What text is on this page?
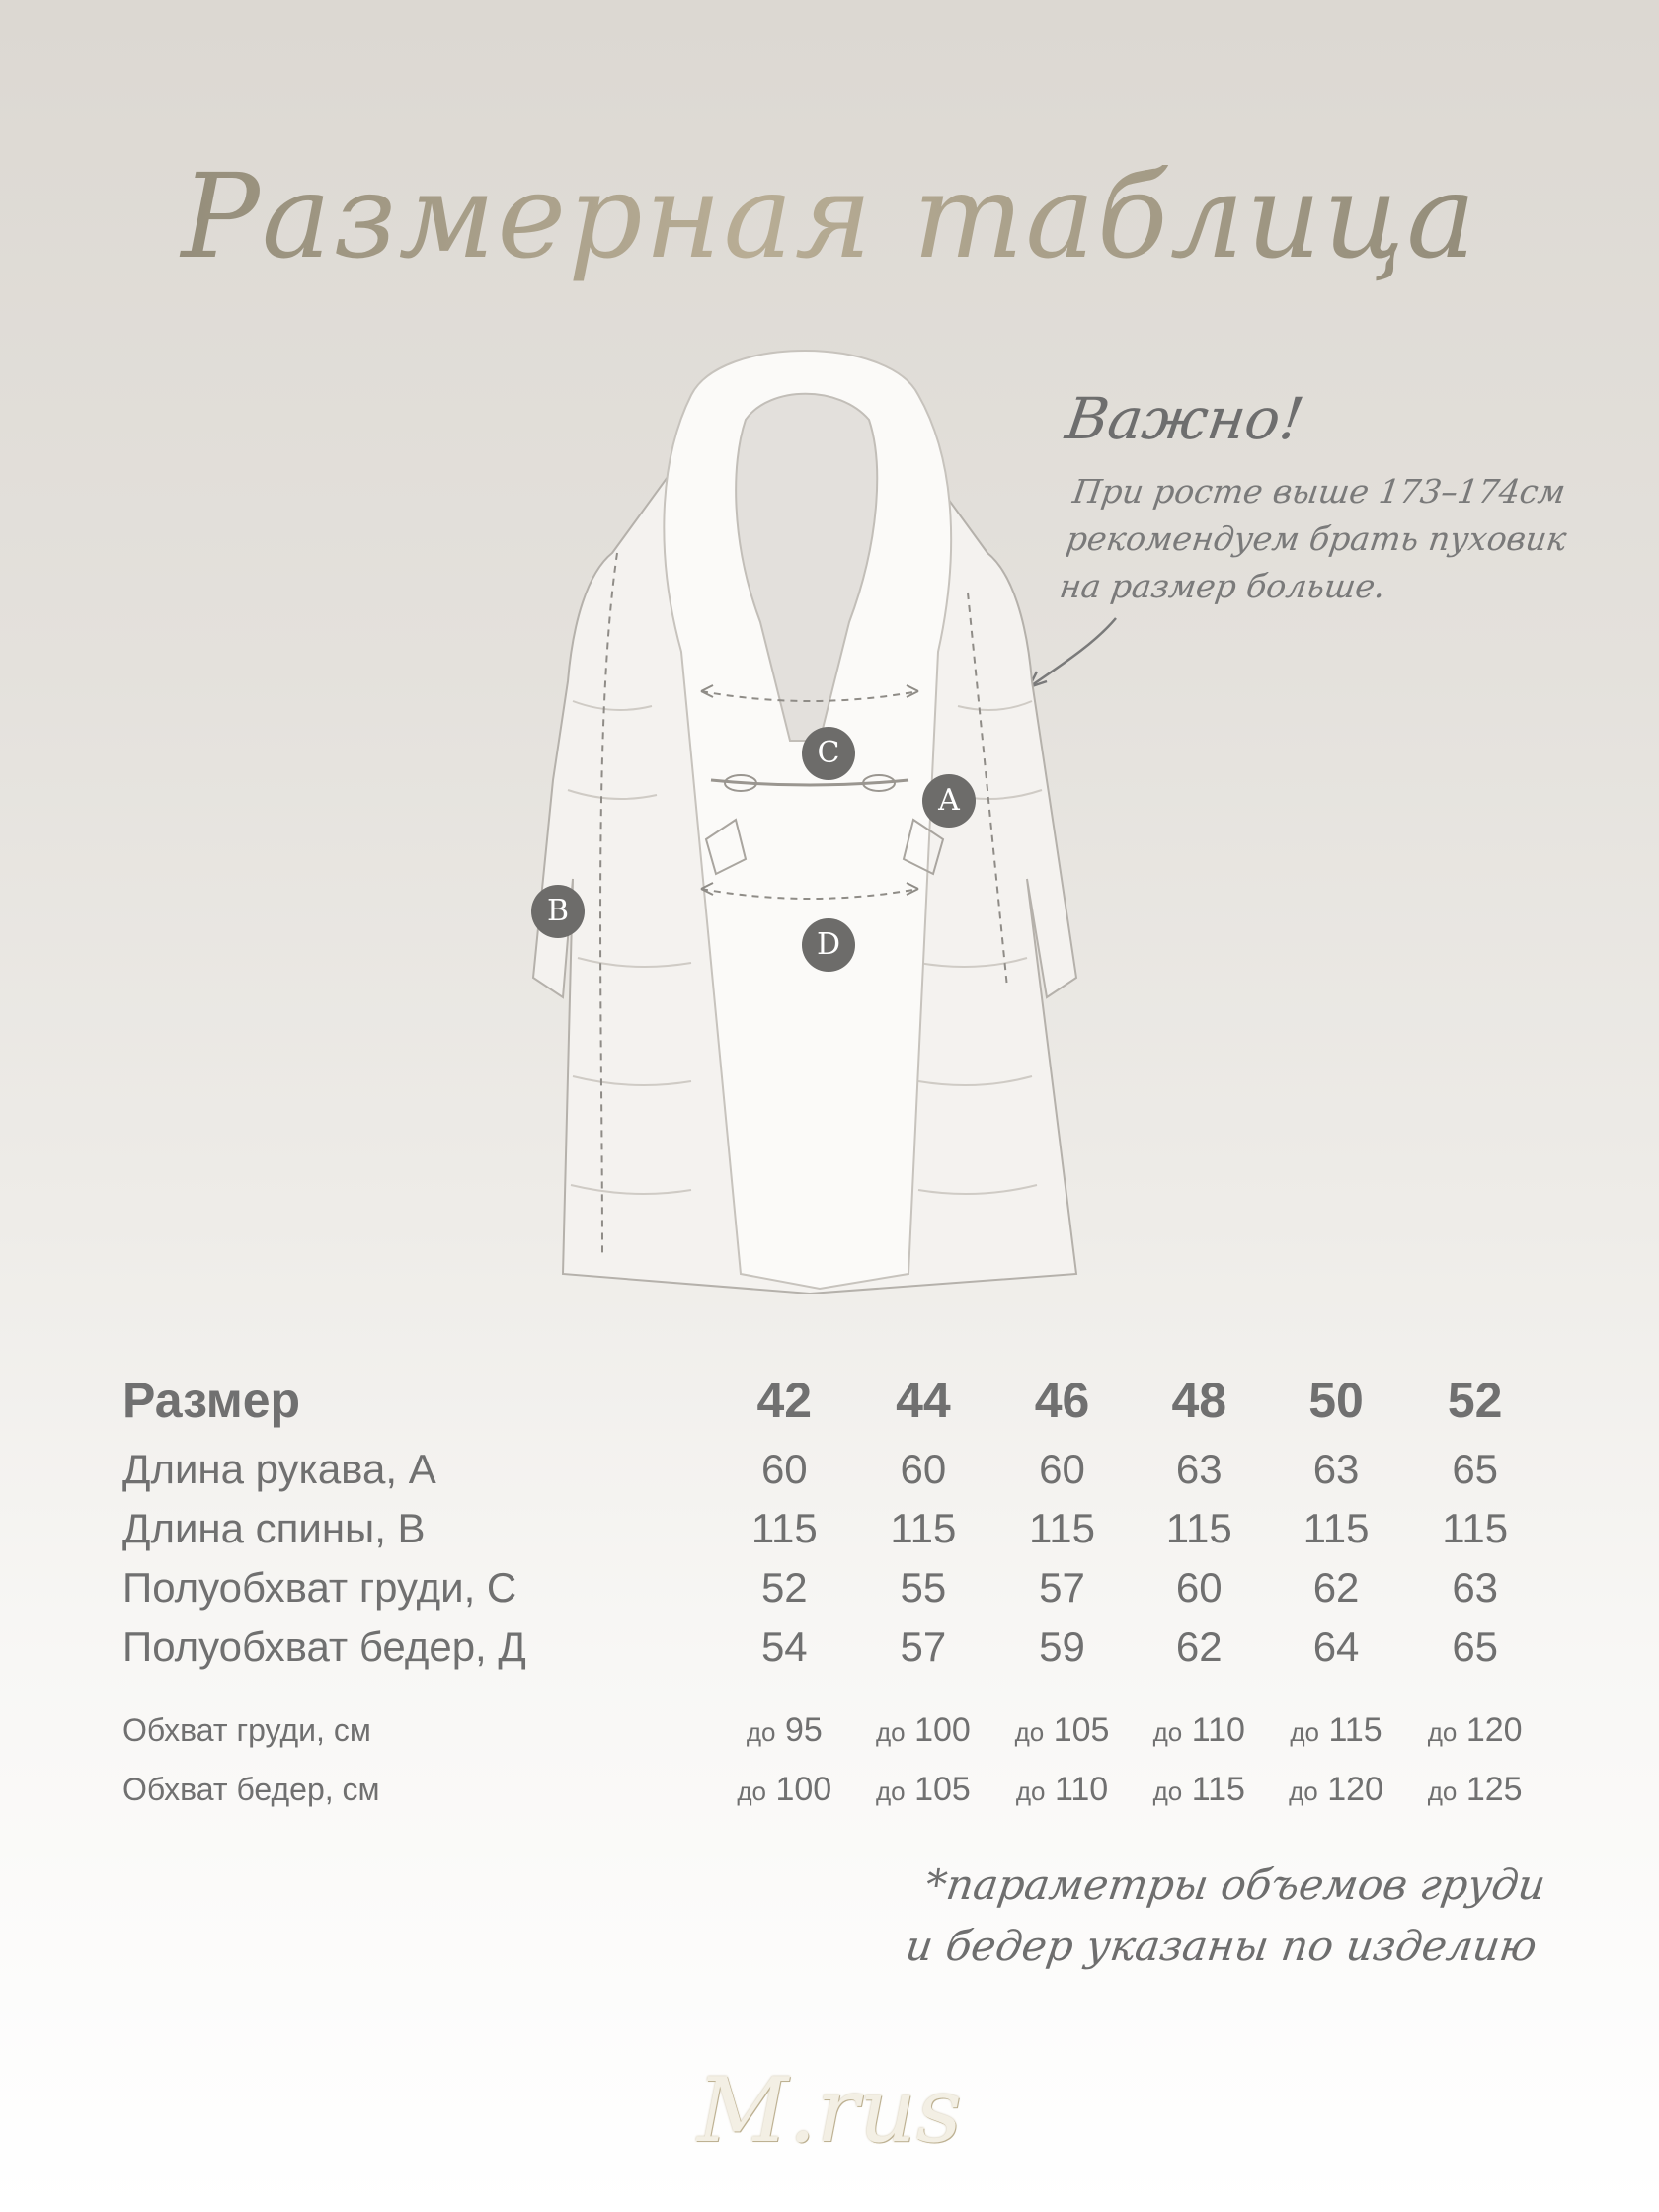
Размерная таблица
Важно!
При росте выше 173–174см
рекомендуем брать пуховик
на размер больше.
A
B
C
D
Размер	42	44	46	48	50	52
Длина рукава, А	60	60	60	63	63	65
Длина спины, В	115	115	115	115	115	115
Полуобхват груди, С	52	55	57	60	62	63
Полуобхват бедер, Д	54	57	59	62	64	65

Обхват груди, см	до 95	до 100	до 105	до 110	до 115	до 120
Обхват бедер, см	до 100	до 105	до 110	до 115	до 120	до 125
*параметры объемов груди
и бедер указаны по изделию
M.rus
